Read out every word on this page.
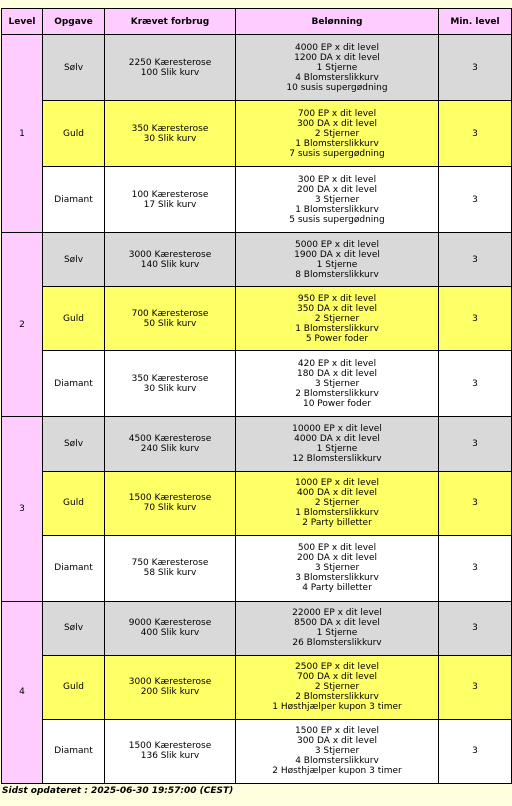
Level	Opgave	Krævet forbrug	Belønning	Min. level
1	Sølv	2250 Kæresterose
100 Slik kurv	4000 EP x dit level
1200 DA x dit level
1 Stjerne
4 Blomsterslikkurv
10 susis supergødning	3
	Guld	350 Kæresterose
30 Slik kurv	700 EP x dit level
300 DA x dit level
2 Stjerner
1 Blomsterslikkurv
7 susis supergødning	3
	Diamant	100 Kæresterose
17 Slik kurv	300 EP x dit level
200 DA x dit level
3 Stjerner
1 Blomsterslikkurv
5 susis supergødning	3
2	Sølv	3000 Kæresterose
140 Slik kurv	5000 EP x dit level
1900 DA x dit level
1 Stjerne
8 Blomsterslikkurv	3
	Guld	700 Kæresterose
50 Slik kurv	950 EP x dit level
350 DA x dit level
2 Stjerner
1 Blomsterslikkurv
5 Power foder	3
	Diamant	350 Kæresterose
30 Slik kurv	420 EP x dit level
180 DA x dit level
3 Stjerner
2 Blomsterslikkurv
10 Power foder	3
3	Sølv	4500 Kæresterose
240 Slik kurv	10000 EP x dit level
4000 DA x dit level
1 Stjerne
12 Blomsterslikkurv	3
	Guld	1500 Kæresterose
70 Slik kurv	1000 EP x dit level
400 DA x dit level
2 Stjerner
1 Blomsterslikkurv
2 Party billetter	3
	Diamant	750 Kæresterose
58 Slik kurv	500 EP x dit level
200 DA x dit level
3 Stjerner
3 Blomsterslikkurv
4 Party billetter	3
4	Sølv	9000 Kæresterose
400 Slik kurv	22000 EP x dit level
8500 DA x dit level
1 Stjerne
26 Blomsterslikkurv	3
	Guld	3000 Kæresterose
200 Slik kurv	2500 EP x dit level
700 DA x dit level
2 Stjerner
2 Blomsterslikkurv
1 Høsthjælper kupon 3 timer	3
	Diamant	1500 Kæresterose
136 Slik kurv	1500 EP x dit level
300 DA x dit level
3 Stjerner
4 Blomsterslikkurv
2 Høsthjælper kupon 3 timer	3
Sidst opdateret : 2025-06-30 19:57:00 (CEST)
